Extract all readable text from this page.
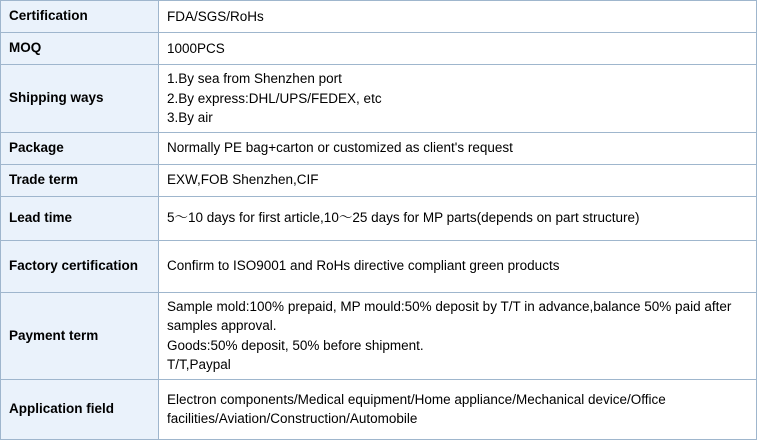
Certification	FDA/SGS/RoHs

MOQ	1000PCS

Shipping ways	1.By sea from Shenzhen port
2.By express:DHL/UPS/FEDEX, etc
3.By air

Package	Normally PE bag+carton or customized as client's request

Trade term	EXW,FOB Shenzhen,CIF

Lead time	5～10 days for first article,10～25 days for MP parts(depends on part structure)

Factory certification	Confirm to ISO9001 and RoHs directive compliant green products

Payment term	Sample mold:100% prepaid, MP mould:50% deposit by T/T in advance,balance 50% paid after samples approval.
Goods:50% deposit, 50% before shipment.
T/T,Paypal

Application field	Electron components/Medical equipment/Home appliance/Mechanical device/Office facilities/Aviation/Construction/Automobile
